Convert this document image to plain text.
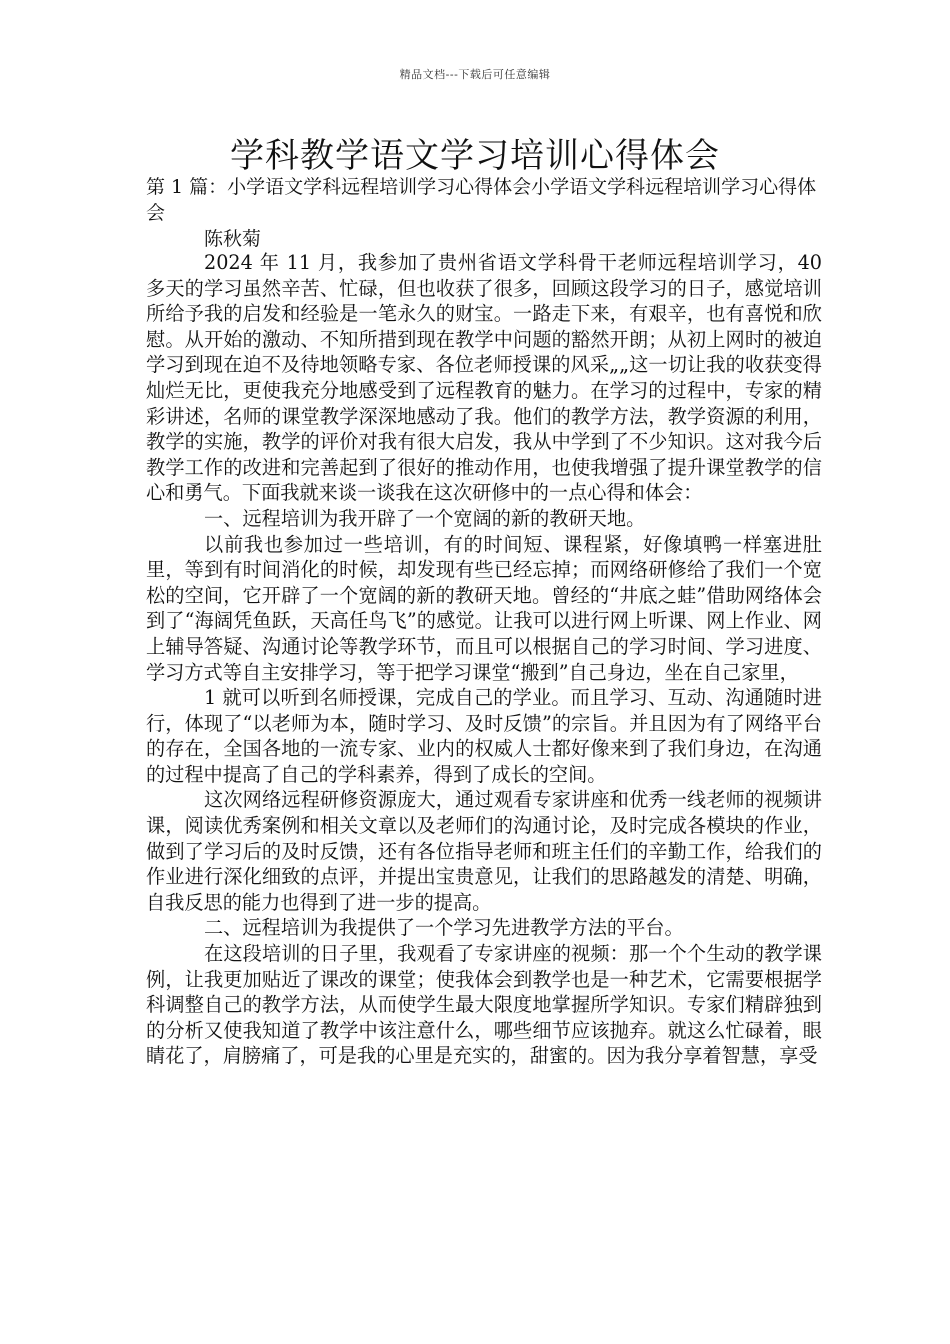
精品文档---下载后可任意编辑
学科教学语文学习培训心得体会

第 1 篇：小学语文学科远程培训学习心得体会小学语文学科远程培训学习心得体会

陈秋菊

2024 年 11 月，我参加了贵州省语文学科骨干老师远程培训学习，40 多天的学习虽然辛苦、忙碌，但也收获了很多，回顾这段学习的日子，感觉培训所给予我的启发和经验是一笔永久的财宝。一路走下来，有艰辛，也有喜悦和欣慰。从开始的激动、不知所措到现在教学中问题的豁然开朗；从初上网时的被迫学习到现在迫不及待地领略专家、各位老师授课的风采„„这一切让我的收获变得灿烂无比，更使我充分地感受到了远程教育的魅力。在学习的过程中，专家的精彩讲述，名师的课堂教学深深地感动了我。他们的教学方法，教学资源的利用，教学的实施，教学的评价对我有很大启发，我从中学到了不少知识。这对我今后教学工作的改进和完善起到了很好的推动作用，也使我增强了提升课堂教学的信心和勇气。下面我就来谈一谈我在这次研修中的一点心得和体会：

一、远程培训为我开辟了一个宽阔的新的教研天地。

以前我也参加过一些培训，有的时间短、课程紧，好像填鸭一样塞进肚里，等到有时间消化的时候，却发现有些已经忘掉；而网络研修给了我们一个宽松的空间，它开辟了一个宽阔的新的教研天地。曾经的“井底之蛙”借助网络体会到了“海阔凭鱼跃，天高任鸟飞”的感觉。让我可以进行网上听课、网上作业、网上辅导答疑、沟通讨论等教学环节，而且可以根据自己的学习时间、学习进度、学习方式等自主安排学习，等于把学习课堂“搬到”自己身边，坐在自己家里，

1 就可以听到名师授课，完成自己的学业。而且学习、互动、沟通随时进行，体现了“以老师为本，随时学习、及时反馈”的宗旨。并且因为有了网络平台的存在，全国各地的一流专家、业内的权威人士都好像来到了我们身边，在沟通的过程中提高了自己的学科素养，得到了成长的空间。

这次网络远程研修资源庞大，通过观看专家讲座和优秀一线老师的视频讲课，阅读优秀案例和相关文章以及老师们的沟通讨论，及时完成各模块的作业，做到了学习后的及时反馈，还有各位指导老师和班主任们的辛勤工作，给我们的作业进行深化细致的点评，并提出宝贵意见，让我们的思路越发的清楚、明确，自我反思的能力也得到了进一步的提高。

二、远程培训为我提供了一个学习先进教学方法的平台。

在这段培训的日子里，我观看了专家讲座的视频：那一个个生动的教学课例，让我更加贴近了课改的课堂；使我体会到教学也是一种艺术，它需要根据学科调整自己的教学方法，从而使学生最大限度地掌握所学知识。专家们精辟独到的分析又使我知道了教学中该注意什么，哪些细节应该抛弃。就这么忙碌着，眼睛花了，肩膀痛了，可是我的心里是充实的，甜蜜的。因为我分享着智慧，享受
